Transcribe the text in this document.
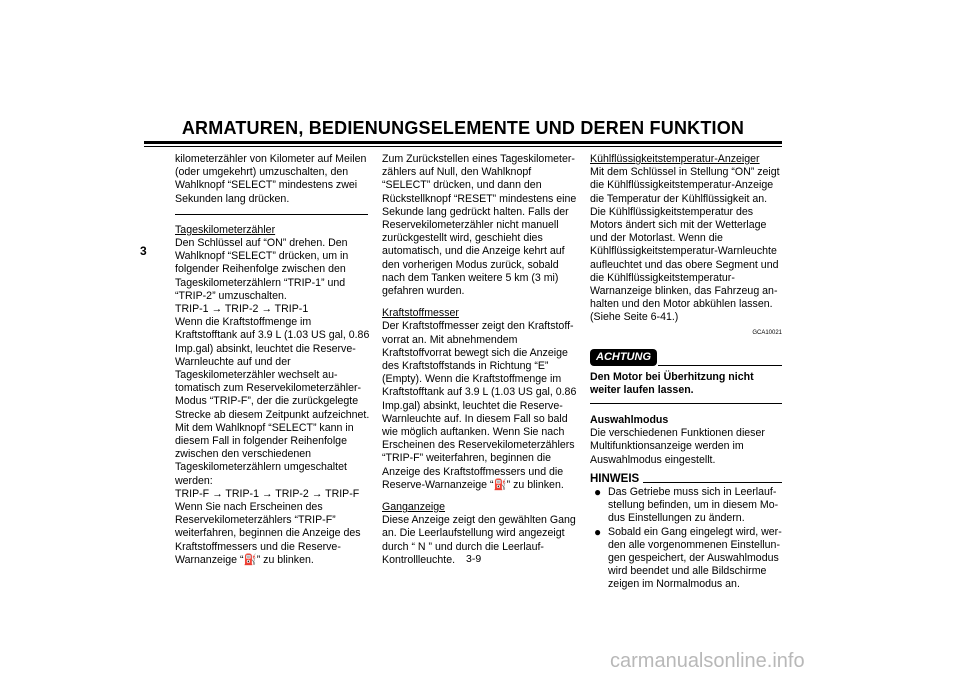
ARMATUREN, BEDIENUNGSELEMENTE UND DEREN FUNKTION
3

kilometerzähler von Kilometer auf Meilen (oder umgekehrt) umzuschalten, den Wahlknopf “SELECT” mindestens zwei Sekunden lang drücken.

Tageskilometerzähler

Den Schlüssel auf “ON” drehen. Den Wahlknopf “SELECT” drücken, um in folgender Reihenfolge zwischen den Tageskilometerzählern “TRIP-1” und “TRIP-2” umzuschalten.

TRIP-1 → TRIP-2 → TRIP-1

Wenn die Kraftstoffmenge im Kraftstofftank auf 3.9 L (1.03 US gal, 0.86 Imp.gal) absinkt, leuchtet die Reserve-Warnleuchte auf und der Tageskilometerzähler wechselt automatisch zum Reservekilometerzähler-Modus “TRIP-F”, der die zurückgelegte Strecke ab diesem Zeitpunkt aufzeichnet. Mit dem Wahlknopf “SELECT” kann in diesem Fall in folgender Reihenfolge zwischen den verschiedenen Tageskilometerzählern umgeschaltet werden:

TRIP-F → TRIP-1 → TRIP-2 → TRIP-F

Wenn Sie nach Erscheinen des Reservekilometerzählers “TRIP-F” weiterfahren, beginnen die Anzeige des Kraftstoffmessers und die Reserve-Warnanzeige “⛽” zu blinken.

Zum Zurückstellen eines Tageskilometerzählers auf Null, den Wahlknopf “SELECT” drücken, und dann den Rückstellknopf “RESET” mindestens eine Sekunde lang gedrückt halten. Falls der Reservekilometerzähler nicht manuell zurückgestellt wird, geschieht dies automatisch, und die Anzeige kehrt auf den vorherigen Modus zurück, sobald nach dem Tanken weitere 5 km (3 mi) gefahren wurden.

Kraftstoffmesser

Der Kraftstoffmesser zeigt den Kraftstoffvorrat an. Mit abnehmendem Kraftstoffvorrat bewegt sich die Anzeige des Kraftstoffstands in Richtung “E” (Empty). Wenn die Kraftstoffmenge im Kraftstofftank auf 3.9 L (1.03 US gal, 0.86 Imp.gal) absinkt, leuchtet die Reserve-Warnleuchte auf. In diesem Fall so bald wie möglich auftanken. Wenn Sie nach Erscheinen des Reservekilometerzählers “TRIP-F” weiterfahren, beginnen die Anzeige des Kraftstoffmessers und die Reserve-Warnanzeige “⛽” zu blinken.

Ganganzeige

Diese Anzeige zeigt den gewählten Gang an. Die Leerlaufstellung wird angezeigt durch “ N ” und durch die Leerlauf-Kontrollleuchte.

Kühlflüssigkeitstemperatur-Anzeiger

Mit dem Schlüssel in Stellung “ON” zeigt die Kühlflüssigkeitstemperatur-Anzeige die Temperatur der Kühlflüssigkeit an. Die Kühlflüssigkeitstemperatur des Motors ändert sich mit der Wetterlage und der Motorlast. Wenn die Kühlflüssigkeitstemperatur-Warnleuchte aufleuchtet und das obere Segment und die Kühlflüssigkeitstemperatur-Warnanzeige blinken, das Fahrzeug anhalten und den Motor abkühlen lassen. (Siehe Seite 6-41.)

GCA10021
ACHTUNG

Den Motor bei Überhitzung nicht weiter laufen lassen.

Auswahlmodus

Die verschiedenen Funktionen dieser Multifunktionsanzeige werden im Auswahlmodus eingestellt.

HINWEIS
● Das Getriebe muss sich in Leerlaufstellung befinden, um in diesem Modus Einstellungen zu ändern.
● Sobald ein Gang eingelegt wird, werden alle vorgenommenen Einstellungen gespeichert, der Auswahlmodus wird beendet und alle Bildschirme zeigen im Normalmodus an.
3-9
carmanualsonline.info
